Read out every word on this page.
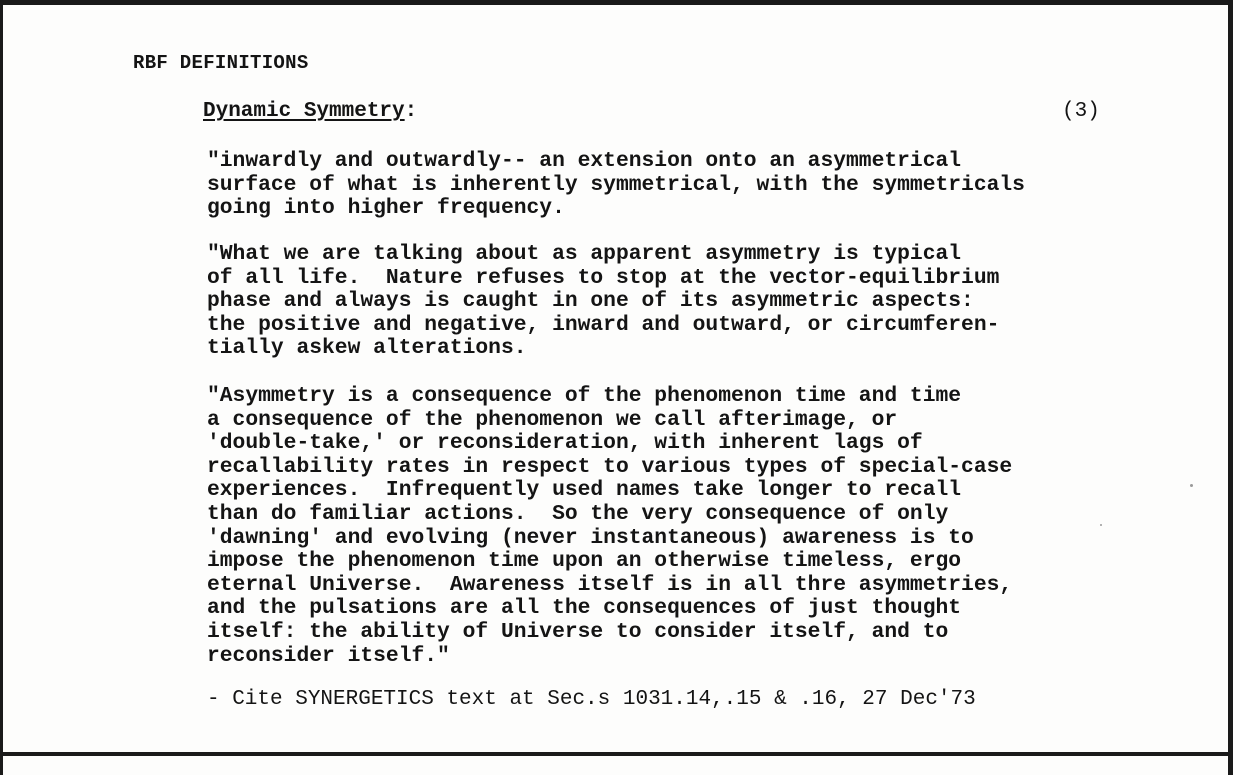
RBF DEFINITIONS
Dynamic Symmetry:	(3)

"inwardly and outwardly-- an extension onto an asymmetrical
surface of what is inherently symmetrical, with the symmetricals
going into higher frequency.

"What we are talking about as apparent asymmetry is typical
of all life.  Nature refuses to stop at the vector-equilibrium
phase and always is caught in one of its asymmetric aspects:
the positive and negative, inward and outward, or circumferen-
tially askew alterations.

"Asymmetry is a consequence of the phenomenon time and time
a consequence of the phenomenon we call afterimage, or
'double-take,' or reconsideration, with inherent lags of
recallability rates in respect to various types of special-case
experiences.  Infrequently used names take longer to recall
than do familiar actions.  So the very consequence of only
'dawning' and evolving (never instantaneous) awareness is to
impose the phenomenon time upon an otherwise timeless, ergo
eternal Universe.  Awareness itself is in all thre asymmetries,
and the pulsations are all the consequences of just thought
itself: the ability of Universe to consider itself, and to
reconsider itself."

- Cite SYNERGETICS text at Sec.s 1031.14,.15 & .16, 27 Dec'73
